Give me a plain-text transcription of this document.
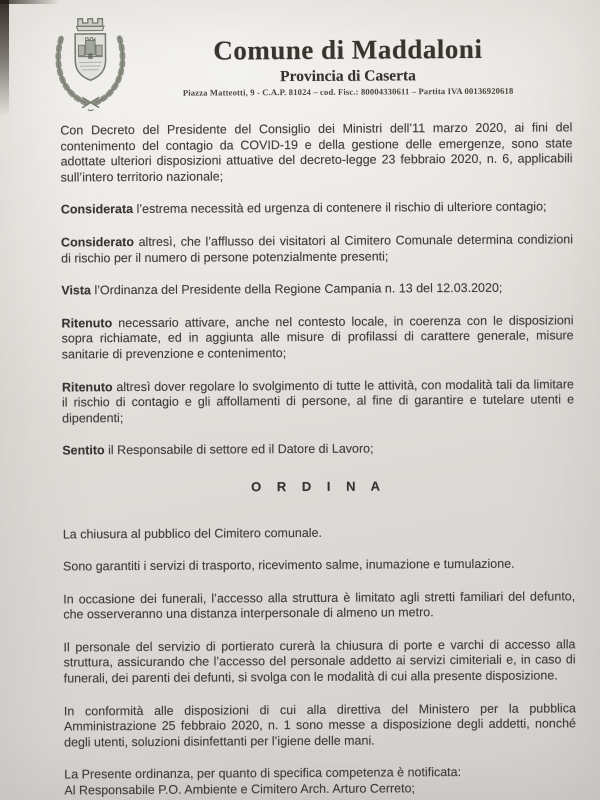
Comune di Maddaloni
Provincia di Caserta
Piazza Matteotti, 9 - C.A.P. 81024 – cod. Fisc.: 80004330611 – Partita IVA 00136920618

Con Decreto del Presidente del Consiglio dei Ministri dell’11 marzo 2020, ai fini del contenimento del contagio da COVID-19 e della gestione delle emergenze, sono state adottate ulteriori disposizioni attuative del decreto-legge 23 febbraio 2020, n. 6, applicabili sull’intero territorio nazionale;

Considerata l’estrema necessità ed urgenza di contenere il rischio di ulteriore contagio;

Considerato altresì, che l’afflusso dei visitatori al Cimitero Comunale determina condizioni di rischio per il numero di persone potenzialmente presenti;

Vista l’Ordinanza del Presidente della Regione Campania n. 13 del 12.03.2020;

Ritenuto necessario attivare, anche nel contesto locale, in coerenza con le disposizioni sopra richiamate, ed in aggiunta alle misure di profilassi di carattere generale, misure sanitarie di prevenzione e contenimento;

Ritenuto altresì dover regolare lo svolgimento di tutte le attività, con modalità tali da limitare il rischio di contagio e gli affollamenti di persone, al fine di garantire e tutelare utenti e dipendenti;

Sentito il Responsabile di settore ed il Datore di Lavoro;

O R D I N A

La chiusura al pubblico del Cimitero comunale.

Sono garantiti i servizi di trasporto, ricevimento salme, inumazione e tumulazione.

In occasione dei funerali, l’accesso alla struttura è limitato agli stretti familiari del defunto, che osserveranno una distanza interpersonale di almeno un metro.

Il personale del servizio di portierato curerà la chiusura di porte e varchi di accesso alla struttura, assicurando che l’accesso del personale addetto ai servizi cimiteriali e, in caso di funerali, dei parenti dei defunti, si svolga con le modalità di cui alla presente disposizione.

In conformità alle disposizioni di cui alla direttiva del Ministero per la pubblica Amministrazione 25 febbraio 2020, n. 1 sono messe a disposizione degli addetti, nonché degli utenti, soluzioni disinfettanti per l’igiene delle mani.

La Presente ordinanza, per quanto di specifica competenza è notificata:
Al Responsabile P.O. Ambiente e Cimitero Arch. Arturo Cerreto;
